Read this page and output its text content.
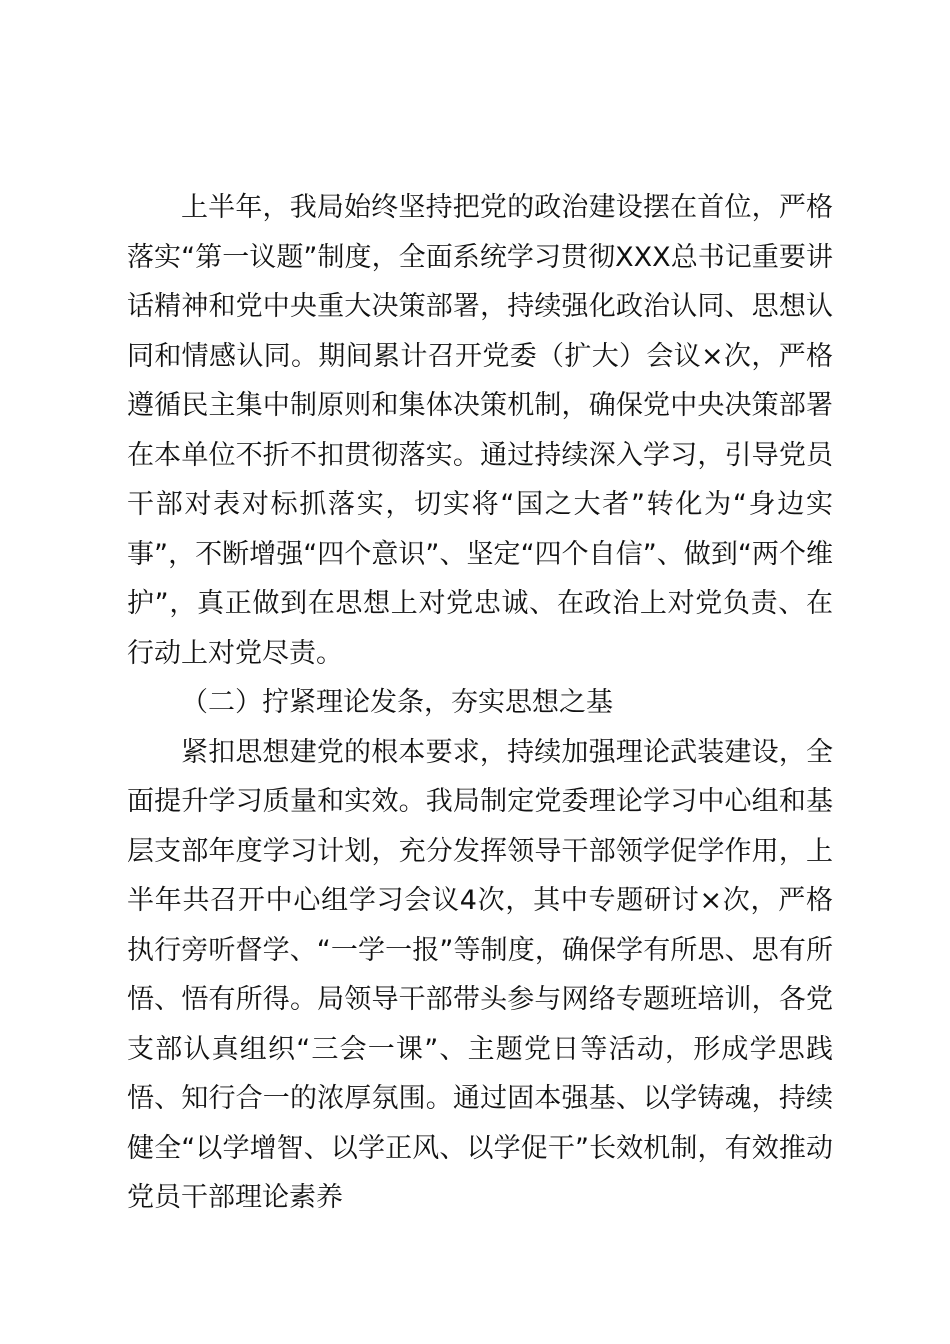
上半年，我局始终坚持把党的政治建设摆在首位，严格落实“第一议题”制度，全面系统学习贯彻XXX总书记重要讲话精神和党中央重大决策部署，持续强化政治认同、思想认同和情感认同。期间累计召开党委（扩大）会议×次，严格遵循民主集中制原则和集体决策机制，确保党中央决策部署在本单位不折不扣贯彻落实。通过持续深入学习，引导党员干部对表对标抓落实，切实将“国之大者”转化为“身边实事”，不断增强“四个意识”、坚定“四个自信”、做到“两个维护”，真正做到在思想上对党忠诚、在政治上对党负责、在行动上对党尽责。

（二）拧紧理论发条，夯实思想之基

紧扣思想建党的根本要求，持续加强理论武装建设，全面提升学习质量和实效。我局制定党委理论学习中心组和基层支部年度学习计划，充分发挥领导干部领学促学作用，上半年共召开中心组学习会议4次，其中专题研讨×次，严格执行旁听督学、“一学一报”等制度，确保学有所思、思有所悟、悟有所得。局领导干部带头参与网络专题班培训，各党支部认真组织“三会一课”、主题党日等活动，形成学思践悟、知行合一的浓厚氛围。通过固本强基、以学铸魂，持续健全“以学增智、以学正风、以学促干”长效机制，有效推动党员干部理论素养
